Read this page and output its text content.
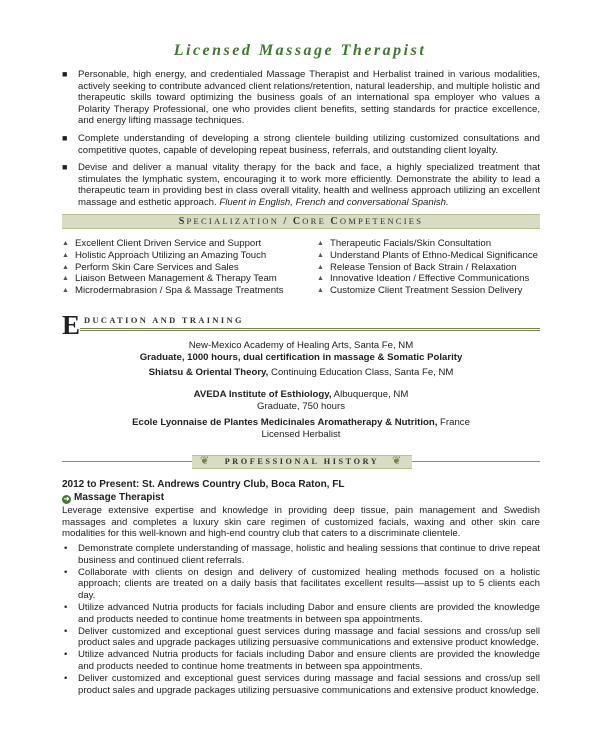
Licensed Massage Therapist
■ Personable, high energy, and credentialed Massage Therapist and Herbalist trained in various modalities, actively seeking to contribute advanced client relations/retention, natural leadership, and multiple holistic and therapeutic skills toward optimizing the business goals of an international spa employer who values a Polarity Therapy Professional, one who provides client benefits, setting standards for practice excellence, and energy lifting massage techniques.
■ Complete understanding of developing a strong clientele building utilizing customized consultations and competitive quotes, capable of developing repeat business, referrals, and outstanding client loyalty.
■ Devise and deliver a manual vitality therapy for the back and face, a highly specialized treatment that stimulates the lymphatic system, encouraging it to work more efficiently. Demonstrate the ability to lead a therapeutic team in providing best in class overall vitality, health and wellness approach utilizing an excellent massage and esthetic approach. Fluent in English, French and conversational Spanish.
SPECIALIZATION / CORE COMPETENCIES
▲ Excellent Client Driven Service and Support
▲ Holistic Approach Utilizing an Amazing Touch
▲ Perform Skin Care Services and Sales
▲ Liaison Between Management & Therapy Team
▲ Microdermabrasion / Spa & Massage Treatments
▲ Therapeutic Facials/Skin Consultation
▲ Understand Plants of Ethno-Medical Significance
▲ Release Tension of Back Strain / Relaxation
▲ Innovative Ideation / Effective Communications
▲ Customize Client Treatment Session Delivery
E DUCATION AND TRAINING
New-Mexico Academy of Healing Arts, Santa Fe, NM
Graduate, 1000 hours, dual certification in massage & Somatic Polarity
Shiatsu & Oriental Theory, Continuing Education Class, Santa Fe, NM
AVEDA Institute of Esthiology, Albuquerque, NM
Graduate, 750 hours
Ecole Lyonnaise de Plantes Medicinales Aromatherapy & Nutrition, France
Licensed Herbalist
PROFESSIONAL HISTORY
❦	❦
2012 to Present: St. Andrews Country Club, Boca Raton, FL
➜ Massage Therapist
Leverage extensive expertise and knowledge in providing deep tissue, pain management and Swedish massages and completes a luxury skin care regimen of customized facials, waxing and other skin care modalities for this well-known and high-end country club that caters to a discriminate clientele.
• Demonstrate complete understanding of massage, holistic and healing sessions that continue to drive repeat business and continued client referrals.
• Collaborate with clients on design and delivery of customized healing methods focused on a holistic approach; clients are treated on a daily basis that facilitates excellent results—assist up to 5 clients each day.
• Utilize advanced Nutria products for facials including Dabor and ensure clients are provided the knowledge and products needed to continue home treatments in between spa appointments.
• Deliver customized and exceptional guest services during massage and facial sessions and cross/up sell product sales and upgrade packages utilizing persuasive communications and extensive product knowledge.
• Utilize advanced Nutria products for facials including Dabor and ensure clients are provided the knowledge and products needed to continue home treatments in between spa appointments.
• Deliver customized and exceptional guest services during massage and facial sessions and cross/up sell product sales and upgrade packages utilizing persuasive communications and extensive product knowledge.
